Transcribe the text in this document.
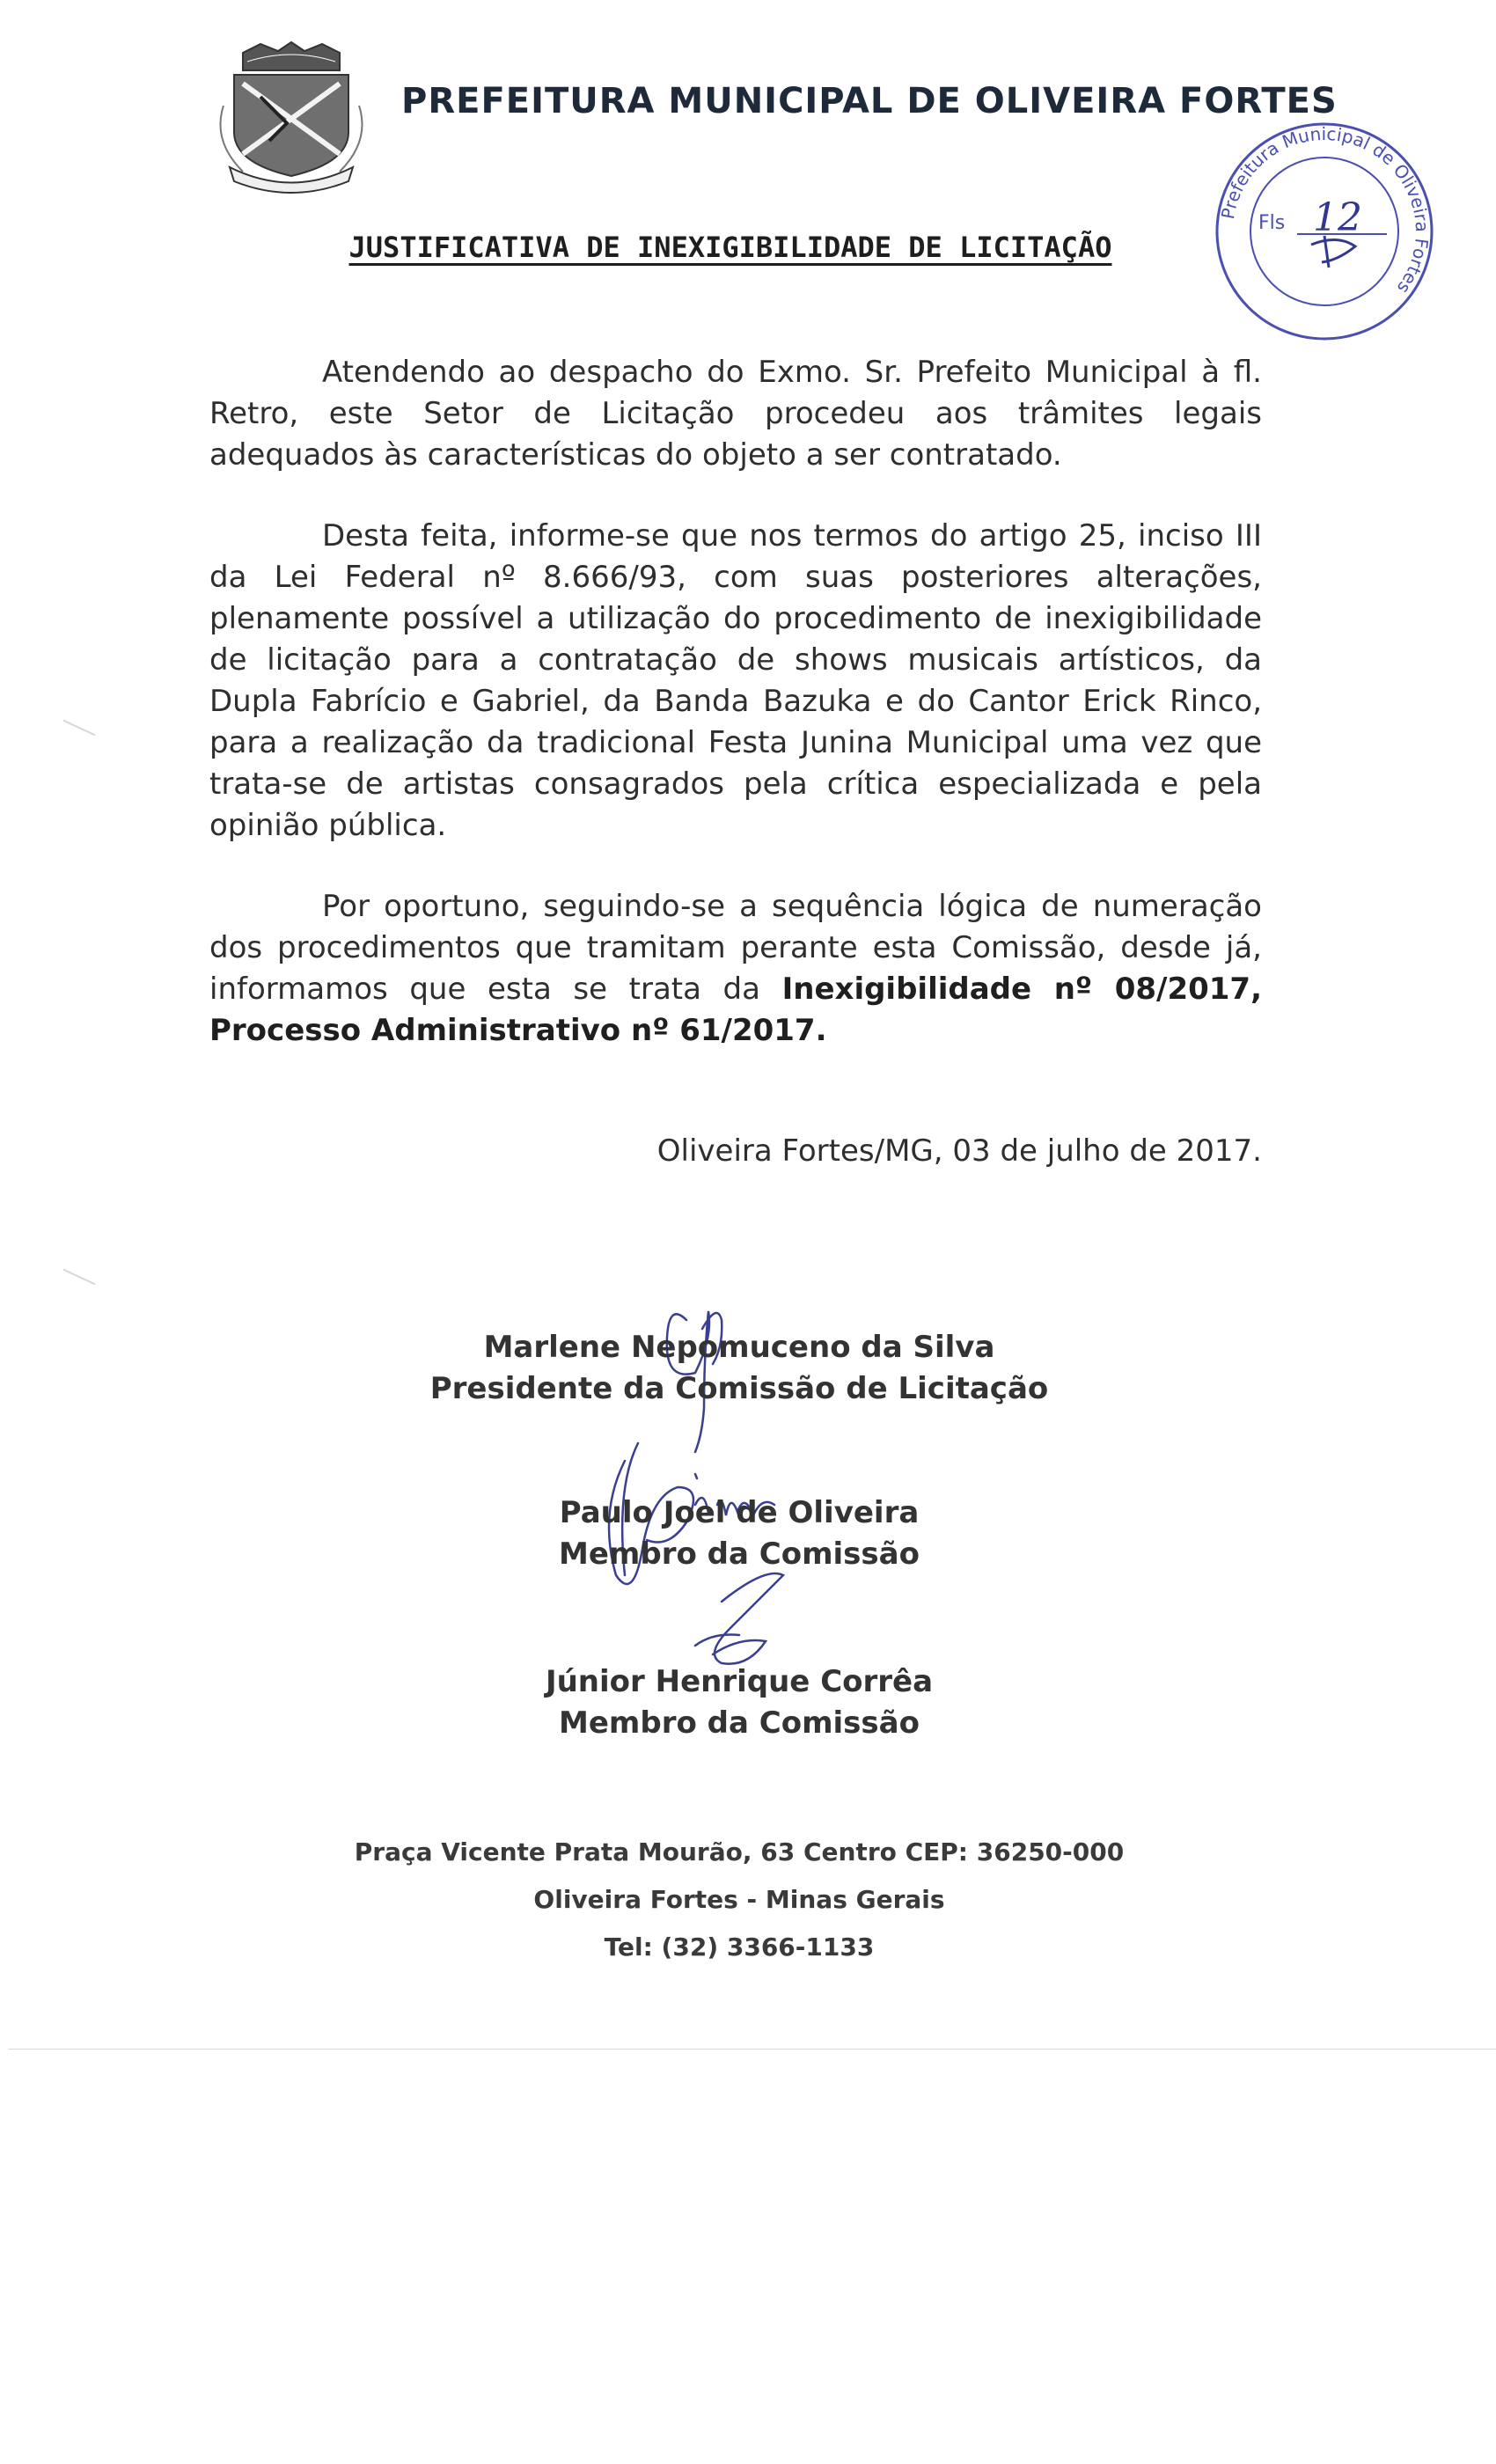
PREFEITURA MUNICIPAL DE OLIVEIRA FORTES
Prefeitura Municipal de Oliveira Fortes
Fls 12
JUSTIFICATIVA DE INEXIGIBILIDADE DE LICITAÇÃO

Atendendo ao despacho do Exmo. Sr. Prefeito Municipal à fl. Retro, este Setor de Licitação procedeu aos trâmites legais adequados às características do objeto a ser contratado.

Desta feita, informe-se que nos termos do artigo 25, inciso III da Lei Federal nº 8.666/93, com suas posteriores alterações, plenamente possível a utilização do procedimento de inexigibilidade de licitação para a contratação de shows musicais artísticos, da Dupla Fabrício e Gabriel, da Banda Bazuka e do Cantor Erick Rinco, para a realização da tradicional Festa Junina Municipal uma vez que trata-se de artistas consagrados pela crítica especializada e pela opinião pública.

Por oportuno, seguindo-se a sequência lógica de numeração dos procedimentos que tramitam perante esta Comissão, desde já, informamos que esta se trata da Inexigibilidade nº 08/2017, Processo Administrativo nº 61/2017.

Oliveira Fortes/MG, 03 de julho de 2017.
Marlene Nepomuceno da Silva
Presidente da Comissão de Licitação
Paulo Joel de Oliveira
Membro da Comissão
Júnior Henrique Corrêa
Membro da Comissão
Praça Vicente Prata Mourão, 63 Centro CEP: 36250-000
Oliveira Fortes - Minas Gerais
Tel: (32) 3366-1133
